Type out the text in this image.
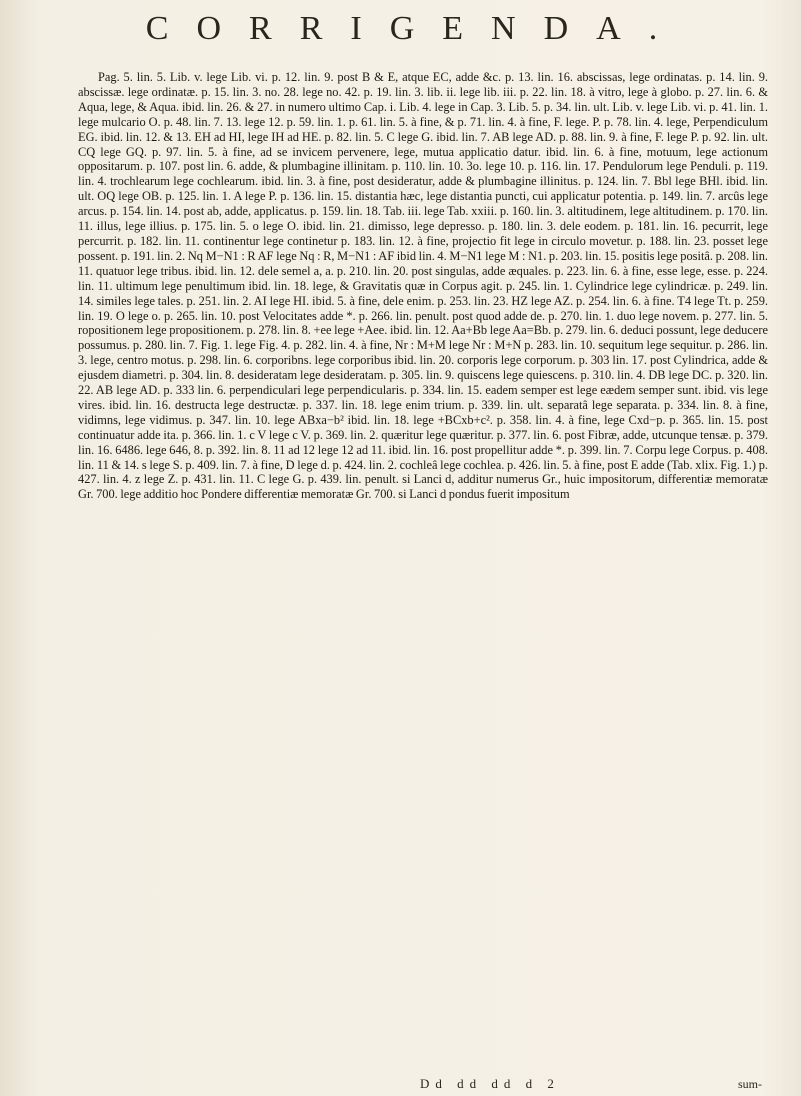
CORRIGENDA.

Pag. 5. lin. 5. Lib. v. lege Lib. vi. p. 12. lin. 9. post B & E, atque EC, adde &c. p. 13. lin. 16. abscissas, lege ordinatas. p. 14. lin. 9. abscissæ. lege ordinatæ. p. 15. lin. 3. no. 28. lege no. 42. p. 19. lin. 3. lib. ii. lege lib. iii. p. 22. lin. 18. à vitro, lege à globo. p. 27. lin. 6. & Aqua, lege, & Aqua. ibid. lin. 26. & 27. in numero ultimo Cap. i. Lib. 4. lege in Cap. 3. Lib. 5. p. 34. lin. ult. Lib. v. lege Lib. vi. p. 41. lin. 1. lege mulcario O. p. 48. lin. 7. 13. lege 12. p. 59. lin. 1. p. 61. lin. 5. à fine, & p. 71. lin. 4. à fine, F. lege. P. p. 78. lin. 4. lege, Perpendiculum EG. ibid. lin. 12. & 13. EH ad HI, lege IH ad HE. p. 82. lin. 5. C lege G. ibid. lin. 7. AB lege AD. p. 88. lin. 9. à fine, F. lege P. p. 92. lin. ult. CQ lege GQ. p. 97. lin. 5. à fine, ad se invicem pervenere, lege, mutua applicatio datur. ibid. lin. 6. à fine, motuum, lege actionum oppositarum. p. 107. post lin. 6. adde, & plumbagine illinitam. p. 110. lin. 10. 3o. lege 10. p. 116. lin. 17. Pendulorum lege Penduli. p. 119. lin. 4. trochlearum lege cochlearum. ibid. lin. 3. à fine, post desideratur, adde & plumbagine illinitus. p. 124. lin. 7. Bbl lege BHl. ibid. lin. ult. OQ lege OB. p. 125. lin. 1. A lege P. p. 136. lin. 15. distantia hæc, lege distantia puncti, cui applicatur potentia. p. 149. lin. 7. arcûs lege arcus. p. 154. lin. 14. post ab, adde, applicatus. p. 159. lin. 18. Tab. iii. lege Tab. xxiii. p. 160. lin. 3. altitudinem, lege altitudinem. p. 170. lin. 11. illus, lege illius. p. 175. lin. 5. o lege O. ibid. lin. 21. dimisso, lege depresso. p. 180. lin. 3. dele eodem. p. 181. lin. 16. pecurrit, lege percurrit. p. 182. lin. 11. continentur lege continetur p. 183. lin. 12. à fine, projectio fit lege in circulo movetur. p. 188. lin. 23. posset lege possent. p. 191. lin. 2. Nq M−N1 : R AF lege Nq : R, M−N1 : AF ibid lin. 4. M−N1 lege M : N1. p. 203. lin. 15. positis lege positâ. p. 208. lin. 11. quatuor lege tribus. ibid. lin. 12. dele semel a, a. p. 210. lin. 20. post singulas, adde æquales. p. 223. lin. 6. à fine, esse lege, esse. p. 224. lin. 11. ultimum lege penultimum ibid. lin. 18. lege, & Gravitatis quæ in Corpus agit. p. 245. lin. 1. Cylindrice lege cylindricæ. p. 249. lin. 14. similes lege tales. p. 251. lin. 2. AI lege HI. ibid. 5. à fine, dele enim. p. 253. lin. 23. HZ lege AZ. p. 254. lin. 6. à fine. T4 lege Tt. p. 259. lin. 19. O lege o. p. 265. lin. 10. post Velocitates adde *. p. 266. lin. penult. post quod adde de. p. 270. lin. 1. duo lege novem. p. 277. lin. 5. ropositionem lege propositionem. p. 278. lin. 8. +ee lege +Aee. ibid. lin. 12. Aa+Bb lege Aa=Bb. p. 279. lin. 6. deduci possunt, lege deducere possumus. p. 280. lin. 7. Fig. 1. lege Fig. 4. p. 282. lin. 4. à fine, Nr : M+M lege Nr : M+N p. 283. lin. 10. sequitum lege sequitur. p. 286. lin. 3. lege, centro motus. p. 298. lin. 6. corporibns. lege corporibus ibid. lin. 20. corporis lege corporum. p. 303 lin. 17. post Cylindrica, adde & ejusdem diametri. p. 304. lin. 8. desideratam lege desideratam. p. 305. lin. 9. quiscens lege quiescens. p. 310. lin. 4. DB lege DC. p. 320. lin. 22. AB lege AD. p. 333 lin. 6. perpendiculari lege perpendicularis. p. 334. lin. 15. eadem semper est lege eædem semper sunt. ibid. vis lege vires. ibid. lin. 16. destructa lege destructæ. p. 337. lin. 18. lege enim trium. p. 339. lin. ult. separatâ lege separata. p. 334. lin. 8. à fine, vidimns, lege vidimus. p. 347. lin. 10. lege ABxa−b² ibid. lin. 18. lege +BCxb+c². p. 358. lin. 4. à fine, lege Cxd−p. p. 365. lin. 15. post continuatur adde ita. p. 366. lin. 1. c V lege c V. p. 369. lin. 2. quæritur lege quæritur. p. 377. lin. 6. post Fibræ, adde, utcunque tensæ. p. 379. lin. 16. 6486. lege 646, 8. p. 392. lin. 8. 11 ad 12 lege 12 ad 11. ibid. lin. 16. post propellitur adde *. p. 399. lin. 7. Corpu lege Corpus. p. 408. lin. 11 & 14. s lege S. p. 409. lin. 7. à fine, D lege d. p. 424. lin. 2. cochleâ lege cochlea. p. 426. lin. 5. à fine, post E adde (Tab. xlix. Fig. 1.) p. 427. lin. 4. z lege Z. p. 431. lin. 11. C lege G. p. 439. lin. penult. si Lanci d, additur numerus Gr., huic impositorum, differentiæ memoratæ Gr. 700. lege additio hoc Pondere differentiæ memoratæ Gr. 700. si Lanci d pondus fuerit impositum

Dd dd dd d 2	sum-
